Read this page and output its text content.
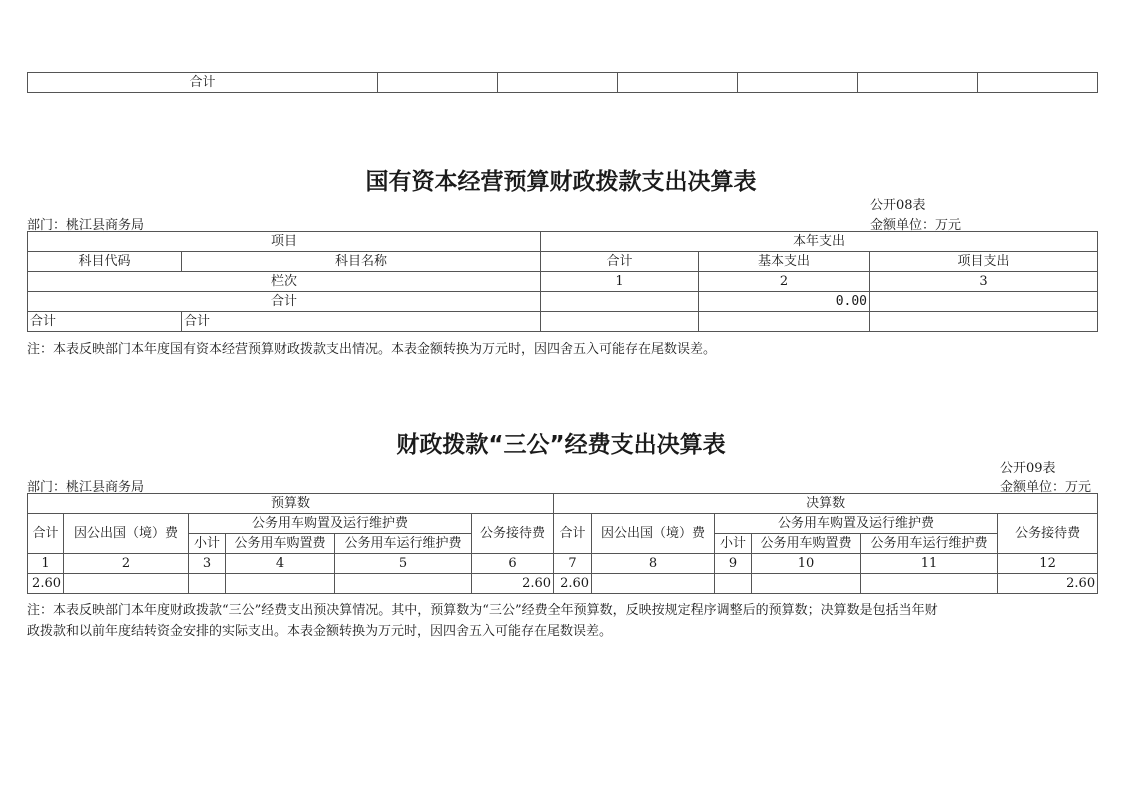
合计						
国有资本经营预算财政拨款支出决算表
公开08表
部门：桃江县商务局	金额单位：万元
项目		本年支出		
科目代码	科目名称	合计	基本支出	项目支出
栏次		1	2	3
合计			0.00	
合计	合计			
注：本表反映部门本年度国有资本经营预算财政拨款支出情况。本表金额转换为万元时，因四舍五入可能存在尾数误差。
财政拨款“三公”经费支出决算表
公开09表
部门：桃江县商务局	金额单位：万元
预算数						决算数					
合计	因公出国（境）费	公务用车购置及运行维护费			公务接待费	合计	因公出国（境）费	公务用车购置及运行维护费			公务接待费
		小计	公务用车购置费	公务用车运行维护费				小计	公务用车购置费	公务用车运行维护费	
1	2	3	4	5	6	7	8	9	10	11	12
2.60					2.60	2.60					2.60
注：本表反映部门本年度财政拨款“三公”经费支出预决算情况。其中，预算数为“三公”经费全年预算数，反映按规定程序调整后的预算数；决算数是包括当年财
政拨款和以前年度结转资金安排的实际支出。本表金额转换为万元时，因四舍五入可能存在尾数误差。
